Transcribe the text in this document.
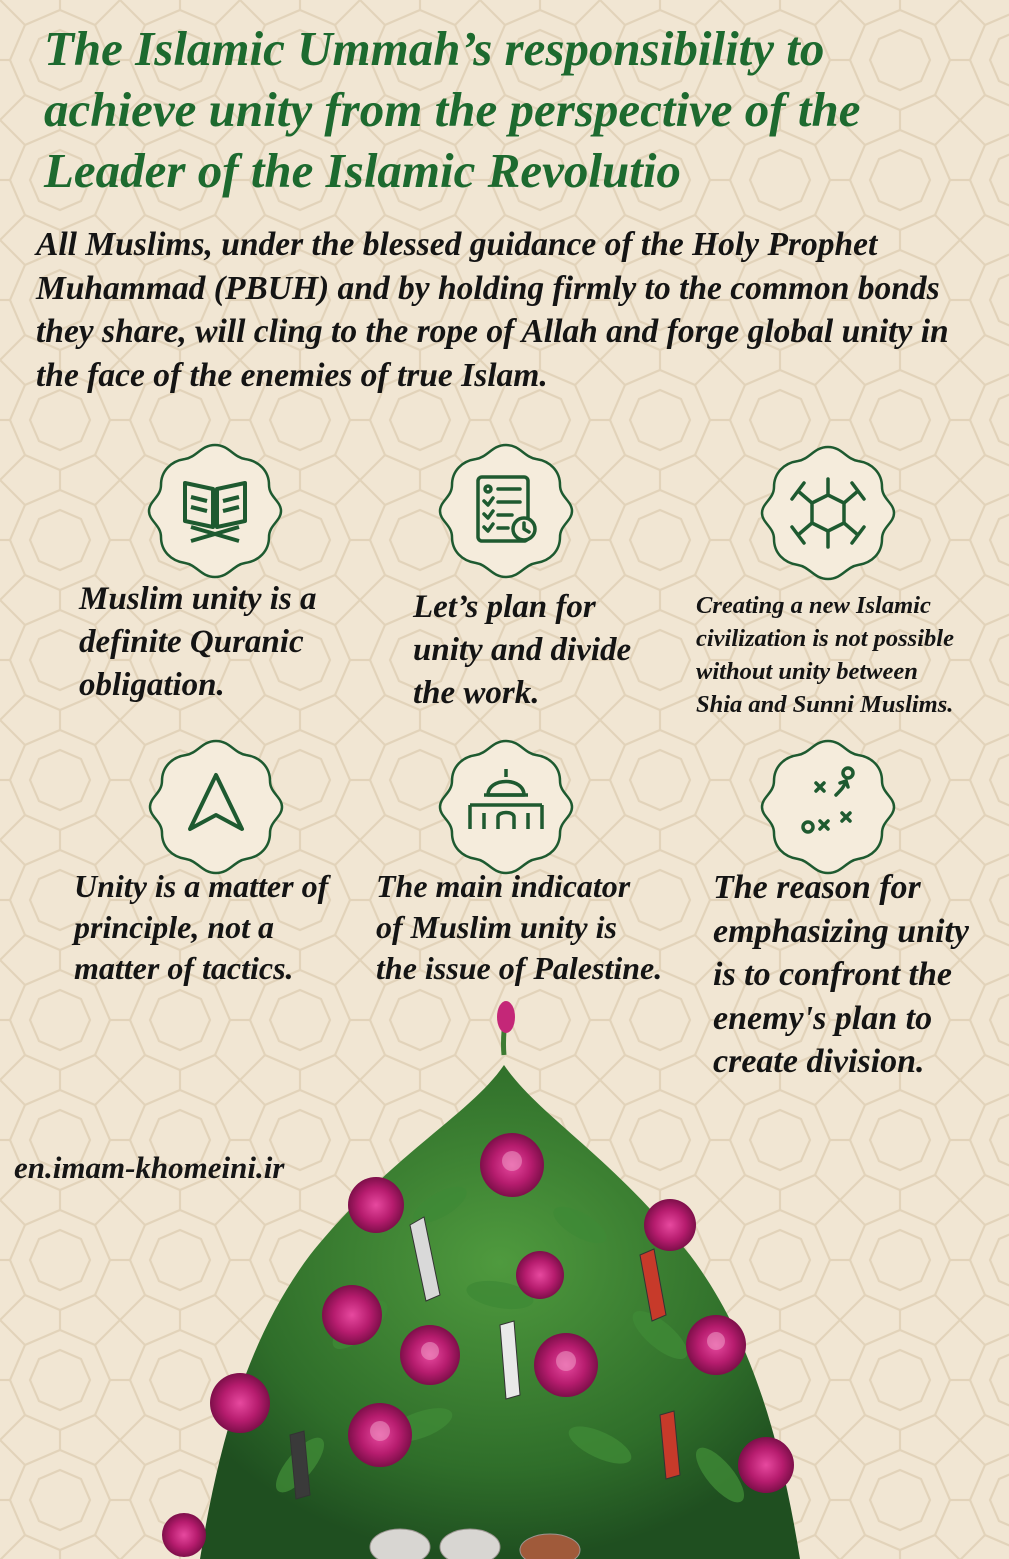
The Islamic Ummah’s responsibility to achieve unity from the perspective of the Leader of the Islamic Revolutio

All Muslims, under the blessed guidance of the Holy Prophet Muhammad (PBUH) and by holding firmly to the common bonds they share, will cling to the rope of Allah and forge global unity in the face of the enemies of true Islam.

Muslim unity is a
definite Quranic
obligation.

Let’s plan for
unity and divide
the work.

Creating a new Islamic
civilization is not possible
without unity between
Shia and Sunni Muslims.

Unity is a matter of
principle, not a
matter of tactics.

The main indicator
of Muslim unity is
the issue of Palestine.

The reason for
emphasizing unity
is to confront the
enemy's plan to
create division.

en.imam-khomeini.ir
